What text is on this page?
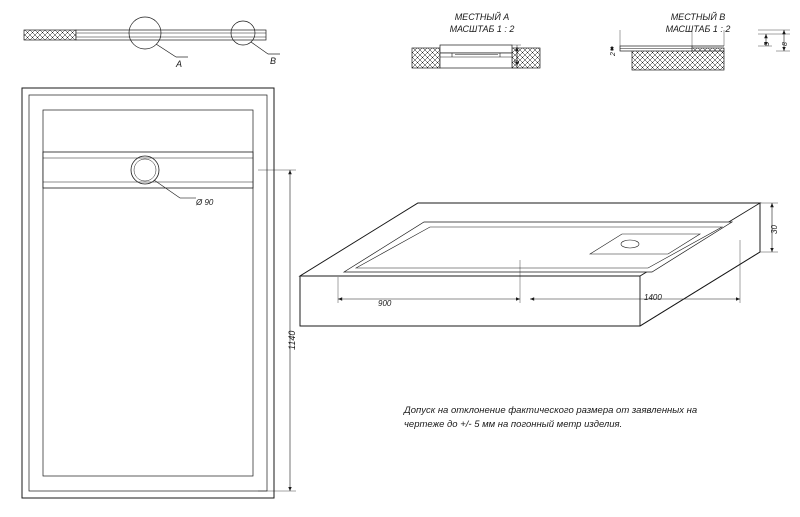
A	B
МЕСТНЫЙ А
МАСШТАБ 1 : 2
6
МЕСТНЫЙ В
МАСШТАБ 1 : 2
2
3 8
Ø 90
1140
900
1400
30
Допуск на отклонение фактического размера от заявленных на
чертеже до +/- 5 мм на погонный метр изделия.
